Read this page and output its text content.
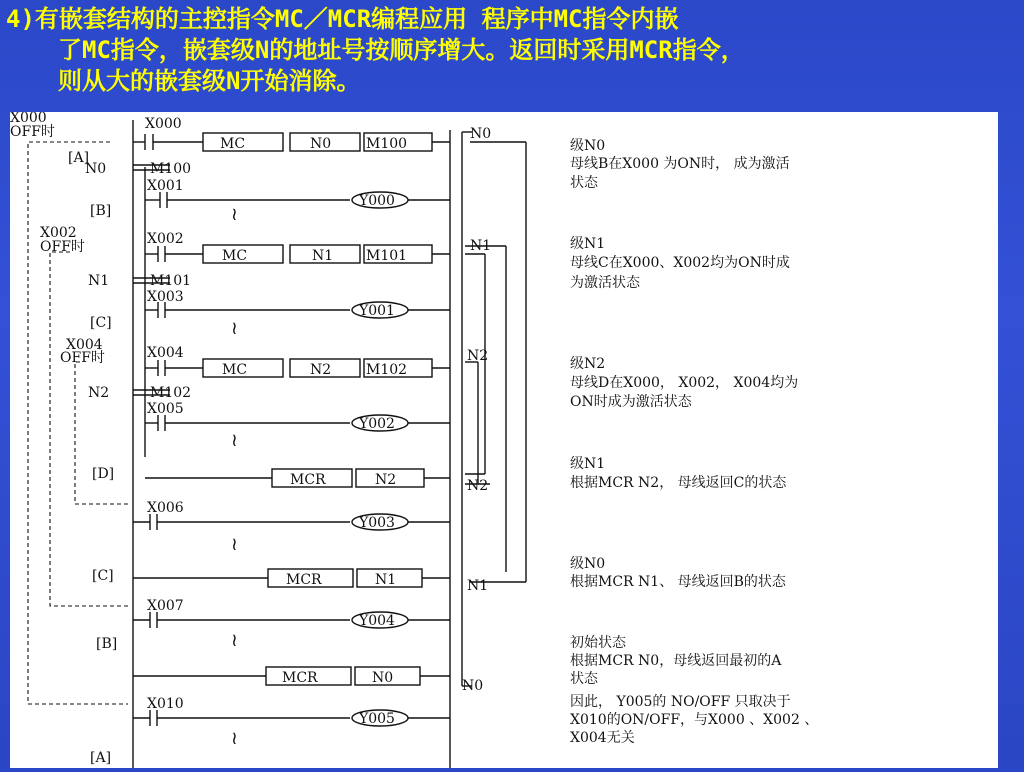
4)有嵌套结构的主控指令MC／MCR编程应用 程序中MC指令内嵌
了MC指令，嵌套级N的地址号按顺序增大。返回时采用MCR指令，
则从大的嵌套级N开始消除。
≀
≀
≀
≀
≀
≀
X000
OFF时	X000
MC	N0 M100
[A]
N0	M100
X001
Y000
[B]
X002
OFF时	X002
MC	N1 M101
N1	M101
X003
Y001
[C]
X004
OFF时	X004
MC	N2 M102
N2	M102
X005
Y002
[D]	MCR	N2
X006
Y003
[C]	MCR	N1
X007
Y004
[B]
MCR	N0
X010
Y005
[A]
N0
N1
N2
N2
N1
N0
级N0
母线B在X000 为ON时， 成为激活
状态
级N1
母线C在X000、X002均为ON时成
为激活状态
级N2
母线D在X000， X002， X004均为
ON时成为激活状态
级N1
根据MCR N2， 母线返回C的状态
级N0
根据MCR N1、 母线返回B的状态
初始状态
根据MCR N0，母线返回最初的A
状态
因此， Y005的 NO/OFF 只取决于
X010的ON/OFF，与X000 、X002 、
X004无关
